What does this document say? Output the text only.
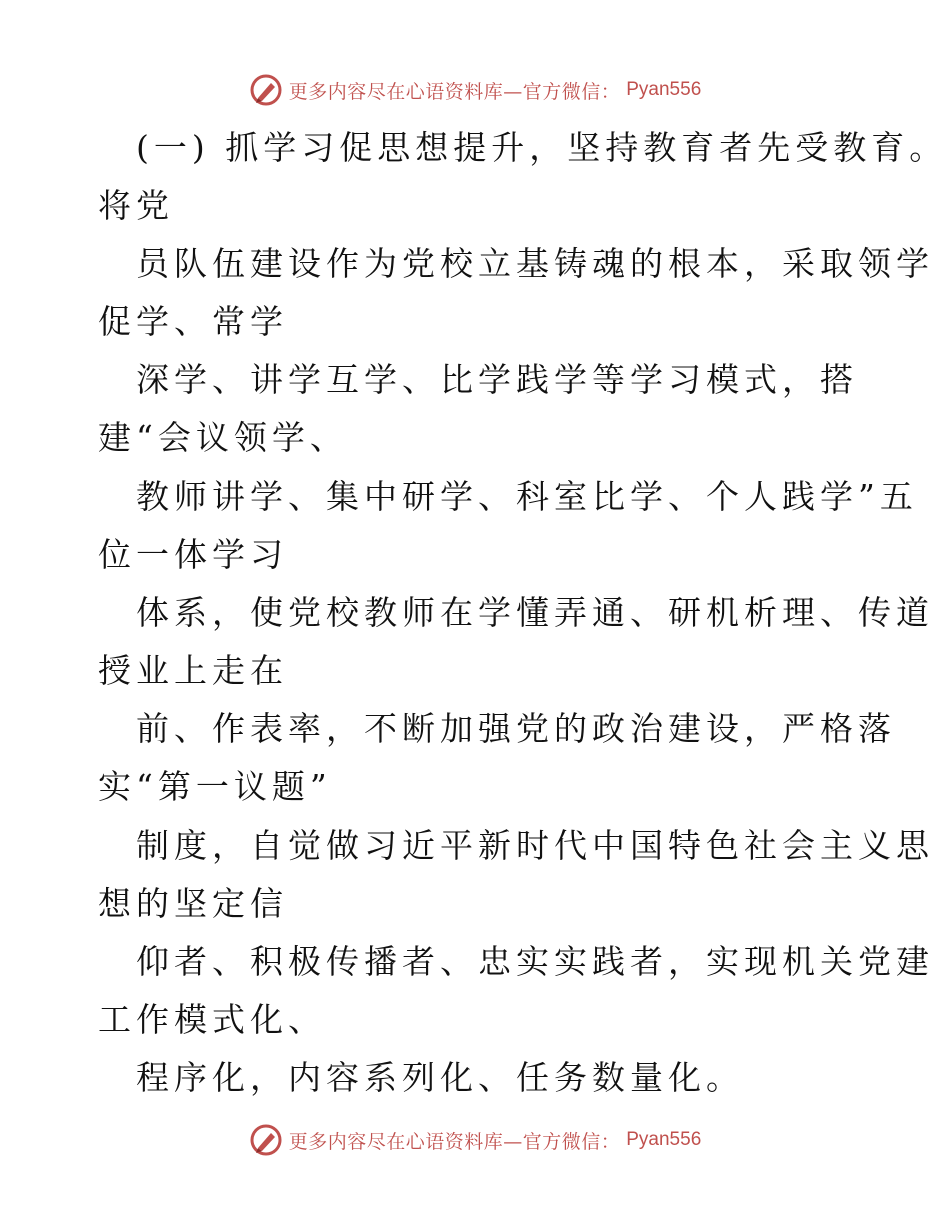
更多内容尽在心语资料库—官方微信： Pyan556
(一) 抓学习促思想提升，坚持教育者先受教育。
将党
员队伍建设作为党校立基铸魂的根本，采取领学
促学、常学
深学、讲学互学、比学践学等学习模式，搭
建“会议领学、
教师讲学、集中研学、科室比学、个人践学”五
位一体学习
体系，使党校教师在学懂弄通、研机析理、传道
授业上走在
前、作表率，不断加强党的政治建设，严格落
实“第一议题”
制度，自觉做习近平新时代中国特色社会主义思
想的坚定信
仰者、积极传播者、忠实实践者，实现机关党建
工作模式化、
程序化，内容系列化、任务数量化。
更多内容尽在心语资料库—官方微信： Pyan556
